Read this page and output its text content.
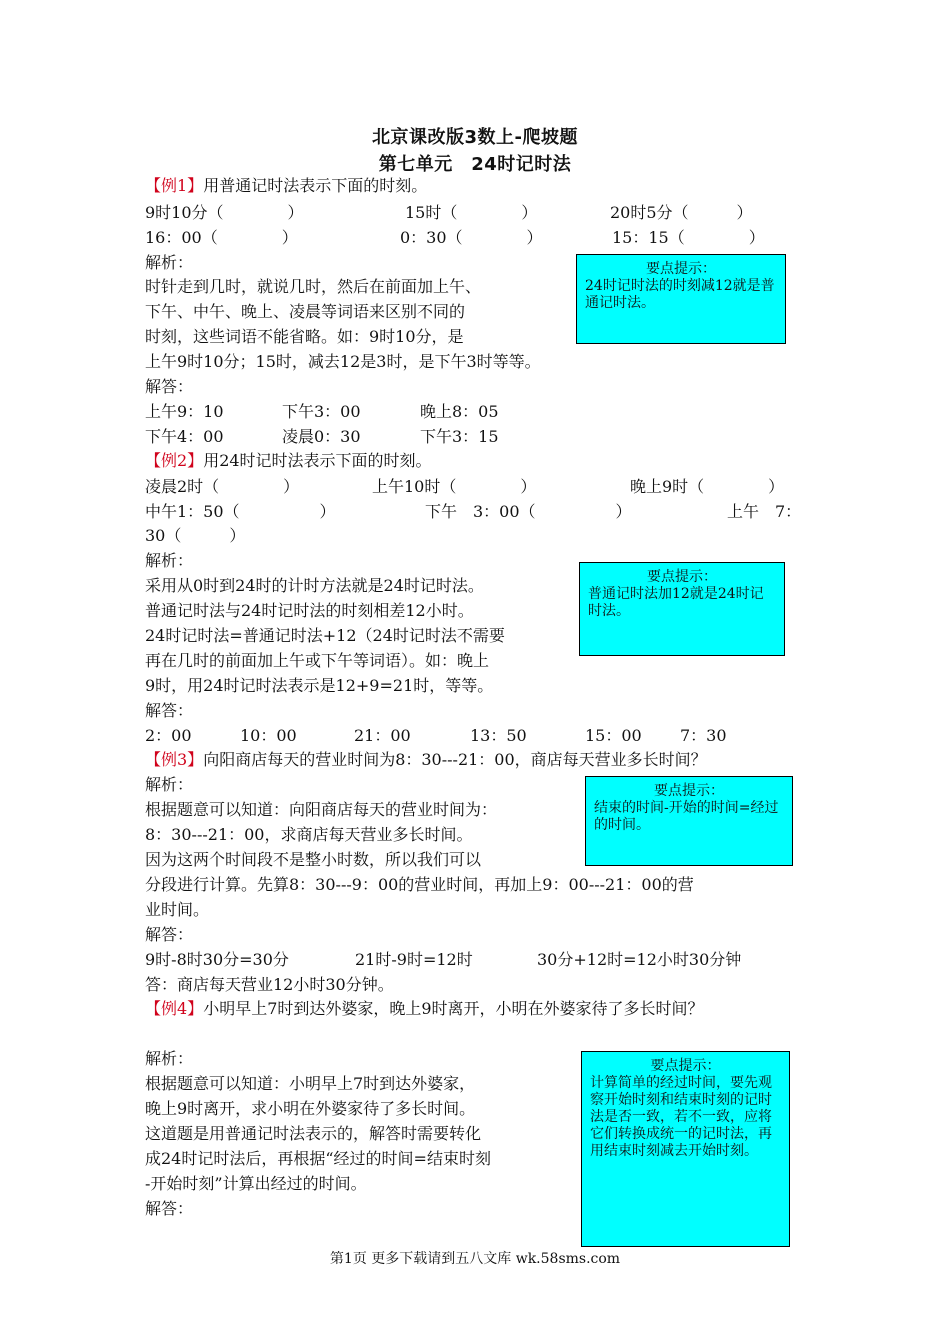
北京课改版3数上-爬坡题
第七单元　24时记时法
【例1】用普通记时法表示下面的时刻。
9时10分（　　　　）	15时（　　　　）	20时5分（　　　）
16：00（　　　　）	0：30（　　　　）	15：15（　　　　）
解析：
时针走到几时，就说几时，然后在前面加上午、
下午、中午、晚上、凌晨等词语来区别不同的
时刻，这些词语不能省略。如：9时10分，是
上午9时10分；15时，减去12是3时，是下午3时等等。
解答：
上午9：10	下午3：00	晚上8：05
下午4：00	凌晨0：30	下午3：15
要点提示：
24时记时法的时刻减12就是普通记时法。
【例2】用24时记时法表示下面的时刻。
凌晨2时（　　　　）	上午10时（　　　　）	晚上9时（　　　　）
中午1：50（　　　　　）	下午　3：00（　　　　　）	上午　7：
30（　　　）
解析：
采用从0时到24时的计时方法就是24时记时法。
普通记时法与24时记时法的时刻相差12小时。
24时记时法=普通记时法+12（24时记时法不需要
再在几时的前面加上午或下午等词语）。如：晚上
9时，用24时记时法表示是12+9=21时，等等。
解答：
2：00	10：00	21：00	13：50	15：00 7：30
要点提示：
普通记时法加12就是24时记时法。
【例3】向阳商店每天的营业时间为8：30---21：00，商店每天营业多长时间？
解析：
根据题意可以知道：向阳商店每天的营业时间为：
8：30---21：00，求商店每天营业多长时间。
因为这两个时间段不是整小时数，所以我们可以
分段进行计算。先算8：30---9：00的营业时间，再加上9：00---21：00的营
业时间。
解答：
9时-8时30分=30分	21时-9时=12时	30分+12时=12小时30分钟
答：商店每天营业12小时30分钟。
要点提示：
结束的时间-开始的时间=经过的时间。
【例4】小明早上7时到达外婆家，晚上9时离开，小明在外婆家待了多长时间？
解析：
根据题意可以知道：小明早上7时到达外婆家，
晚上9时离开，求小明在外婆家待了多长时间。
这道题是用普通记时法表示的，解答时需要转化
成24时记时法后，再根据“经过的时间=结束时刻
-开始时刻”计算出经过的时间。
解答：
要点提示：
计算简单的经过时间，要先观察开始时刻和结束时刻的记时法是否一致，若不一致，应将它们转换成统一的记时法，再用结束时刻减去开始时刻。
第1页 更多下载请到五八文库 wk.58sms.com
